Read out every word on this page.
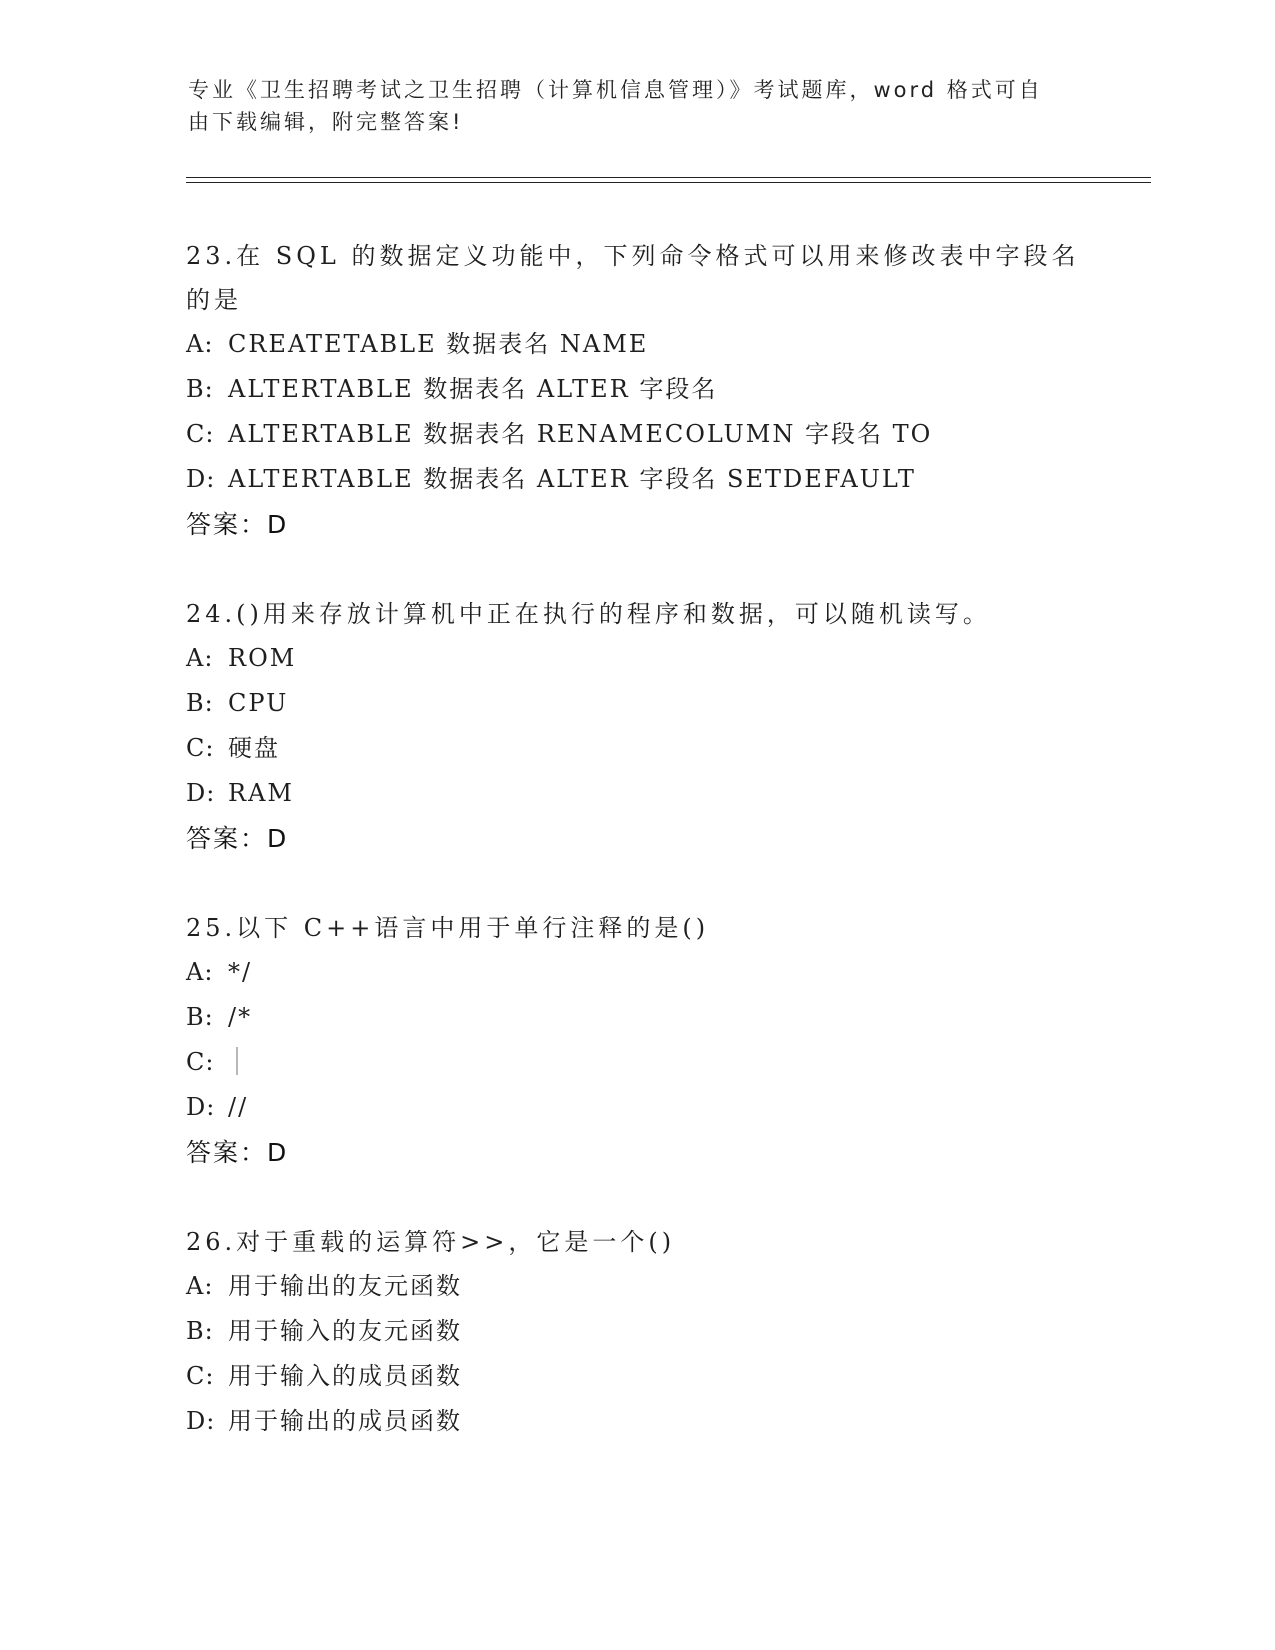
专业《卫生招聘考试之卫生招聘（计算机信息管理）》考试题库，word 格式可自
由下载编辑，附完整答案!
23.在 SQL 的数据定义功能中，下列命令格式可以用来修改表中字段名
的是
A: CREATETABLE 数据表名 NAME
B: ALTERTABLE 数据表名 ALTER 字段名
C: ALTERTABLE 数据表名 RENAMECOLUMN 字段名 TO
D: ALTERTABLE 数据表名 ALTER 字段名 SETDEFAULT
答案：D
24.()用来存放计算机中正在执行的程序和数据，可以随机读写。
A: ROM
B: CPU
C: 硬盘
D: RAM
答案：D
25.以下 C++语言中用于单行注释的是()
A: */
B: /*
C:
D: //
答案：D
26.对于重载的运算符>>，它是一个()
A: 用于输出的友元函数
B: 用于输入的友元函数
C: 用于输入的成员函数
D: 用于输出的成员函数
